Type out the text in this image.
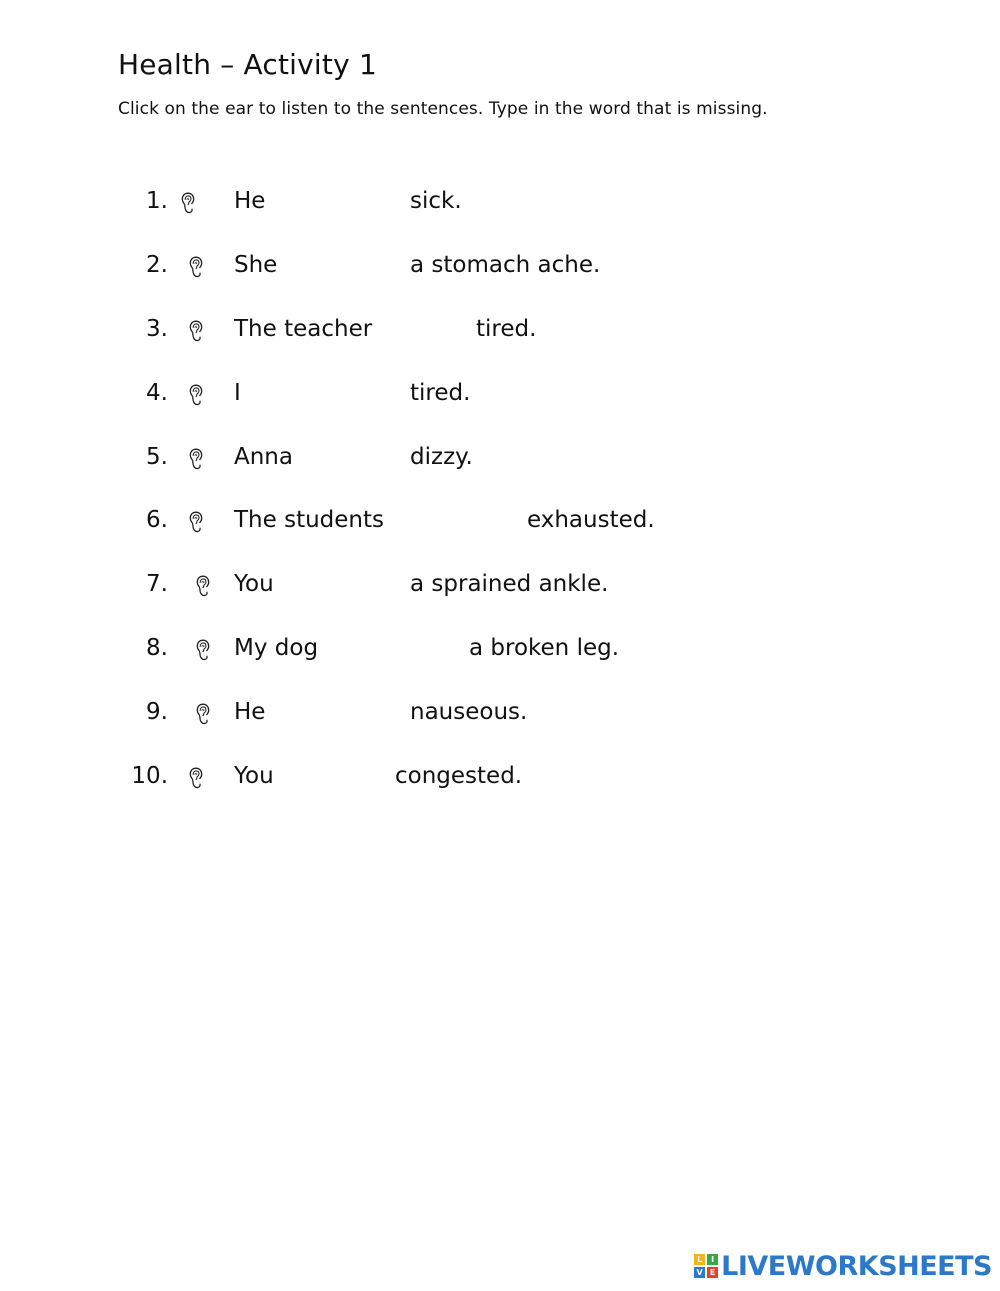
Health – Activity 1
Click on the ear to listen to the sentences. Type in the word that is missing.
1.	He	sick.
2.	She	a stomach ache.
3.	The teacher	tired.
4.	I	tired.
5.	Anna	dizzy.
6.	The students	exhausted.
7.	You	a sprained ankle.
8.	My dog	a broken leg.
9.	He	nauseous.
10.	You	congested.
L	I
V E LIVEWORKSHEETS
